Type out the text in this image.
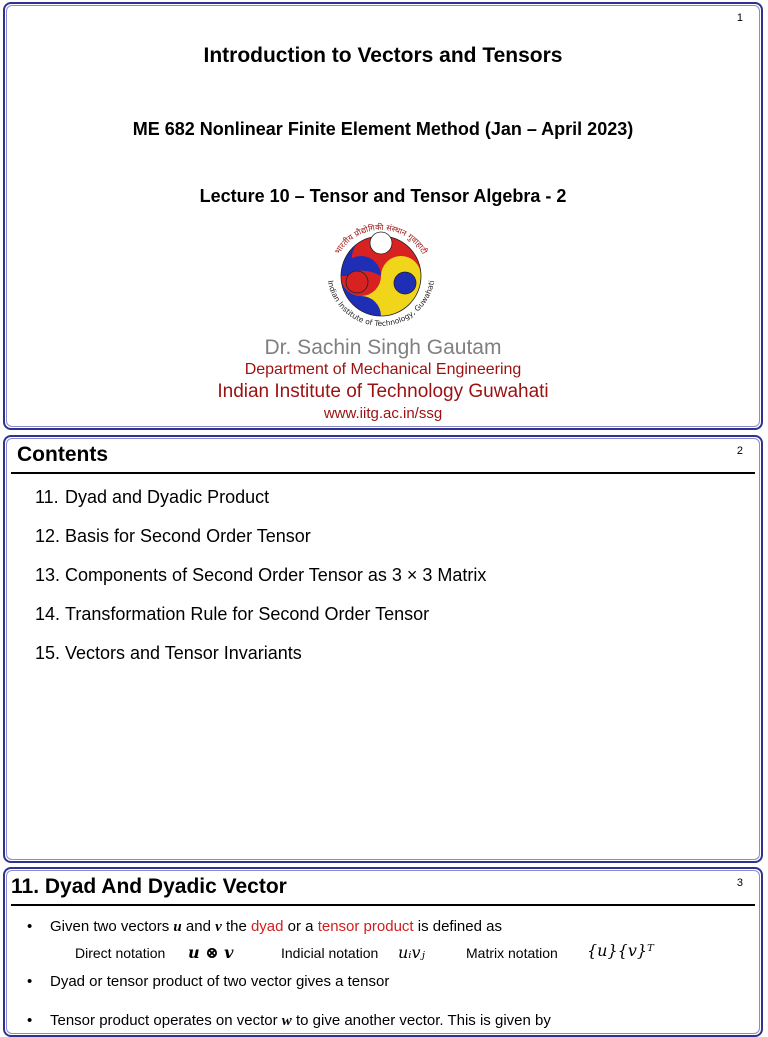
1
Introduction to Vectors and Tensors
ME 682 Nonlinear Finite Element Method (Jan – April 2023)
Lecture 10 – Tensor and Tensor Algebra - 2
भारतीय प्रौद्योगिकी संस्थान गुवाहाटी
Indian Institute of Technology, Guwahati
Dr. Sachin Singh Gautam
Department of Mechanical Engineering
Indian Institute of Technology Guwahati
www.iitg.ac.in/ssg
2
Contents
11. Dyad and Dyadic Product
12. Basis for Second Order Tensor
13. Components of Second Order Tensor as 3 × 3 Matrix
14. Transformation Rule for Second Order Tensor
15. Vectors and Tensor Invariants
3
11. Dyad And Dyadic Vector
• Given two vectors u and v the dyad or a tensor product is defined as
Direct notation u ⊗ v	Indicial notation uᵢvⱼ	Matrix notation {u}{v}ᵀ
• Dyad or tensor product of two vector gives a tensor
• Tensor product operates on vector w to give another vector. This is given by
